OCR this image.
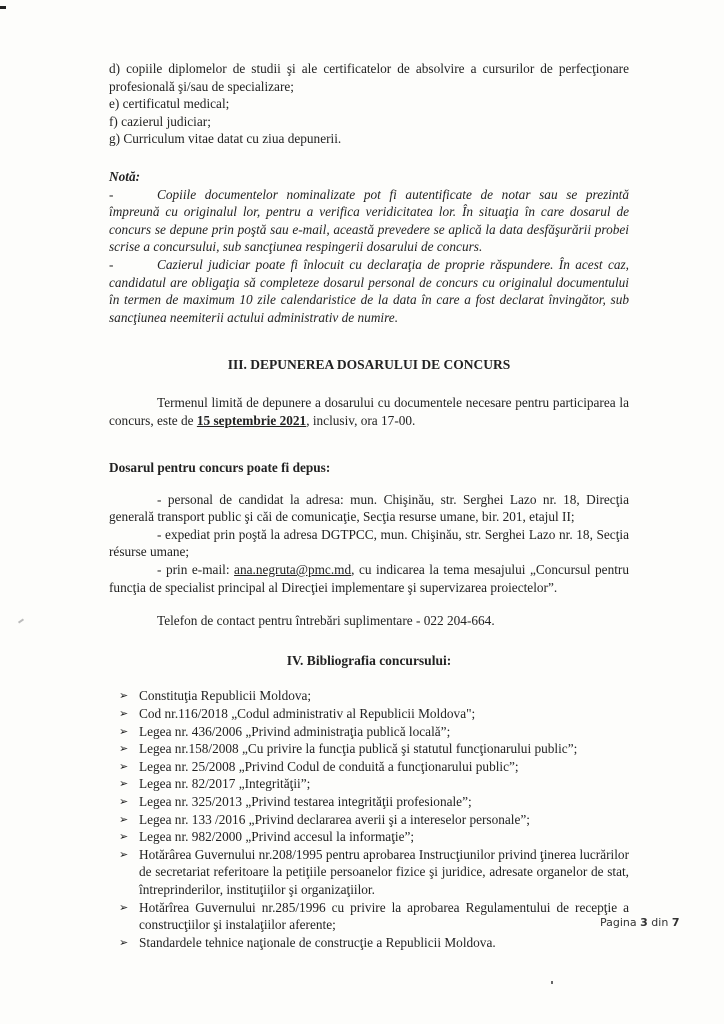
d) copiile diplomelor de studii şi ale certificatelor de absolvire a cursurilor de perfecţionare profesională şi/sau de specializare;

e) certificatul medical;

f) cazierul judiciar;

g) Curriculum vitae datat cu ziua depunerii.

Notă:

-	Copiile documentelor nominalizate pot fi autentificate de notar sau se prezintă împreună cu originalul lor, pentru a verifica veridicitatea lor. În situaţia în care dosarul de concurs se depune prin poştă sau e-mail, această prevedere se aplică la data desfăşurării probei scrise a concursului, sub sancţiunea respingerii dosarului de concurs.

-	Cazierul judiciar poate fi înlocuit cu declaraţia de proprie răspundere. În acest caz, candidatul are obligaţia să completeze dosarul personal de concurs cu originalul documentului în termen de maximum 10 zile calendaristice de la data în care a fost declarat învingător, sub sancţiunea neemiterii actului administrativ de numire.

III. DEPUNEREA DOSARULUI DE CONCURS

Termenul limită de depunere a dosarului cu documentele necesare pentru participarea la concurs, este de 15 septembrie 2021, inclusiv, ora 17-00.

Dosarul pentru concurs poate fi depus:

- personal de candidat la adresa: mun. Chişinău, str. Serghei Lazo nr. 18, Direcţia generală transport public şi căi de comunicaţie, Secţia resurse umane, bir. 201, etajul II;

- expediat prin poştă la adresa DGTPCC, mun. Chişinău, str. Serghei Lazo nr. 18, Secţia résurse umane;

- prin e-mail: ana.negruta@pmc.md, cu indicarea la tema mesajului „Concursul pentru funcţia de specialist principal al Direcţiei implementare şi supervizarea proiectelor”.

Telefon de contact pentru întrebări suplimentare - 022 204-664.

IV. Bibliografia concursului:
➢ Constituţia Republicii Moldova;
➢ Cod nr.116/2018 „Codul administrativ al Republicii Moldova";
➢ Legea nr. 436/2006 „Privind administraţia publică locală”;
➢ Legea nr.158/2008 „Cu privire la funcţia publică şi statutul funcţionarului public”;
➢ Legea nr. 25/2008 „Privind Codul de conduită a funcţionarului public”;
➢ Legea nr. 82/2017 „Integrităţii”;
➢ Legea nr. 325/2013 „Privind testarea integrităţii profesionale”;
➢ Legea nr. 133 /2016 „Privind declararea averii şi a intereselor personale”;
➢ Legea nr. 982/2000 „Privind accesul la informaţie”;
➢ Hotărârea Guvernului nr.208/1995 pentru aprobarea Instrucţiunilor privind ţinerea lucrărilor de secretariat referitoare la petiţiile persoanelor fizice şi juridice, adresate organelor de stat, întreprinderilor, instituţiilor şi organizaţiilor.
➢ Hotărîrea Guvernului nr.285/1996 cu privire la aprobarea Regulamentului de recepţie a construcţiilor şi instalaţiilor aferente;
➢ Standardele tehnice naţionale de construcţie a Republicii Moldova.
Pagina 3 din 7
